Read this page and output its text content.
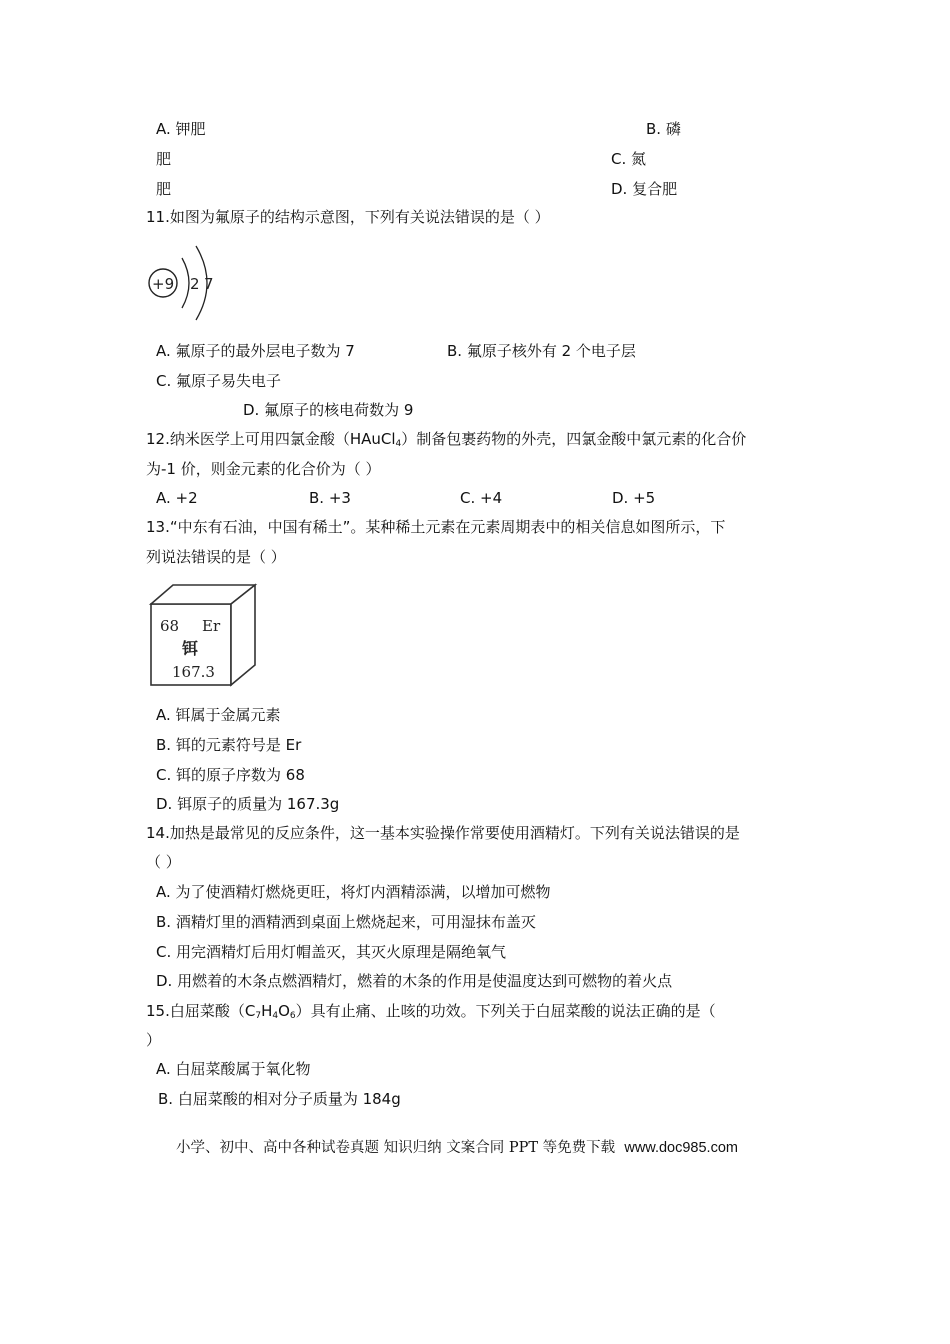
A. 钾肥	B. 磷
肥	C. 氮
肥	D. 复合肥
11.如图为氟原子的结构示意图，下列有关说法错误的是（ ）
+9 2 7
A. 氟原子的最外层电子数为 7	B. 氟原子核外有 2 个电子层
C. 氟原子易失电子
D. 氟原子的核电荷数为 9
12.纳米医学上可用四氯金酸（HAuCl$_4$）制备包裹药物的外壳，四氯金酸中氯元素的化合价
为-1 价，则金元素的化合价为（ ）
A. +2	B. +3	C. +4	D. +5
13.“中东有石油，中国有稀土”。某种稀土元素在元素周期表中的相关信息如图所示，下
列说法错误的是（ ）
68 Er
铒
167.3
A. 铒属于金属元素
B. 铒的元素符号是 Er
C. 铒的原子序数为 68
D. 铒原子的质量为 167.3g
14.加热是最常见的反应条件，这一基本实验操作常要使用酒精灯。下列有关说法错误的是
（ ）
A. 为了使酒精灯燃烧更旺，将灯内酒精添满，以增加可燃物
B. 酒精灯里的酒精洒到桌面上燃烧起来，可用湿抹布盖灭
C. 用完酒精灯后用灯帽盖灭，其灭火原理是隔绝氧气
D. 用燃着的木条点燃酒精灯，燃着的木条的作用是使温度达到可燃物的着火点
15.白屈菜酸$(C_7H_4O_6)$具有止痛、止咳的功效。下列关于白屈菜酸的说法正确的是（
）
A. 白屈菜酸属于氧化物
B. 白屈菜酸的相对分子质量为 184g
小学、初中、高中各种试卷真题 知识归纳 文案合同 PPT 等免费下载 www.doc985.com
